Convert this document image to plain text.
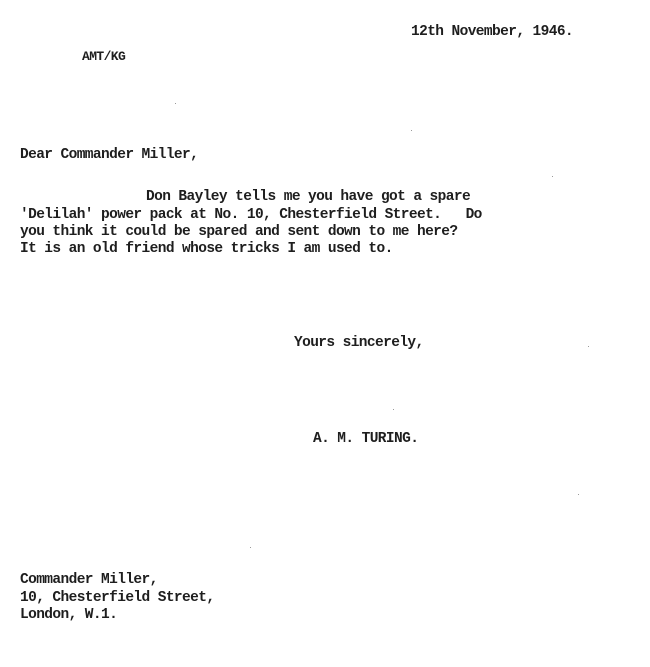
12th November, 1946.

AMT/KG

Dear Commander Miller,

Don Bayley tells me you have got a spare

'Delilah' power pack at No. 10, Chesterfield Street.   Do

you think it could be spared and sent down to me here?

It is an old friend whose tricks I am used to.

Yours sincerely,

A. M. TURING.

Commander Miller,

10, Chesterfield Street,

London, W.1.
